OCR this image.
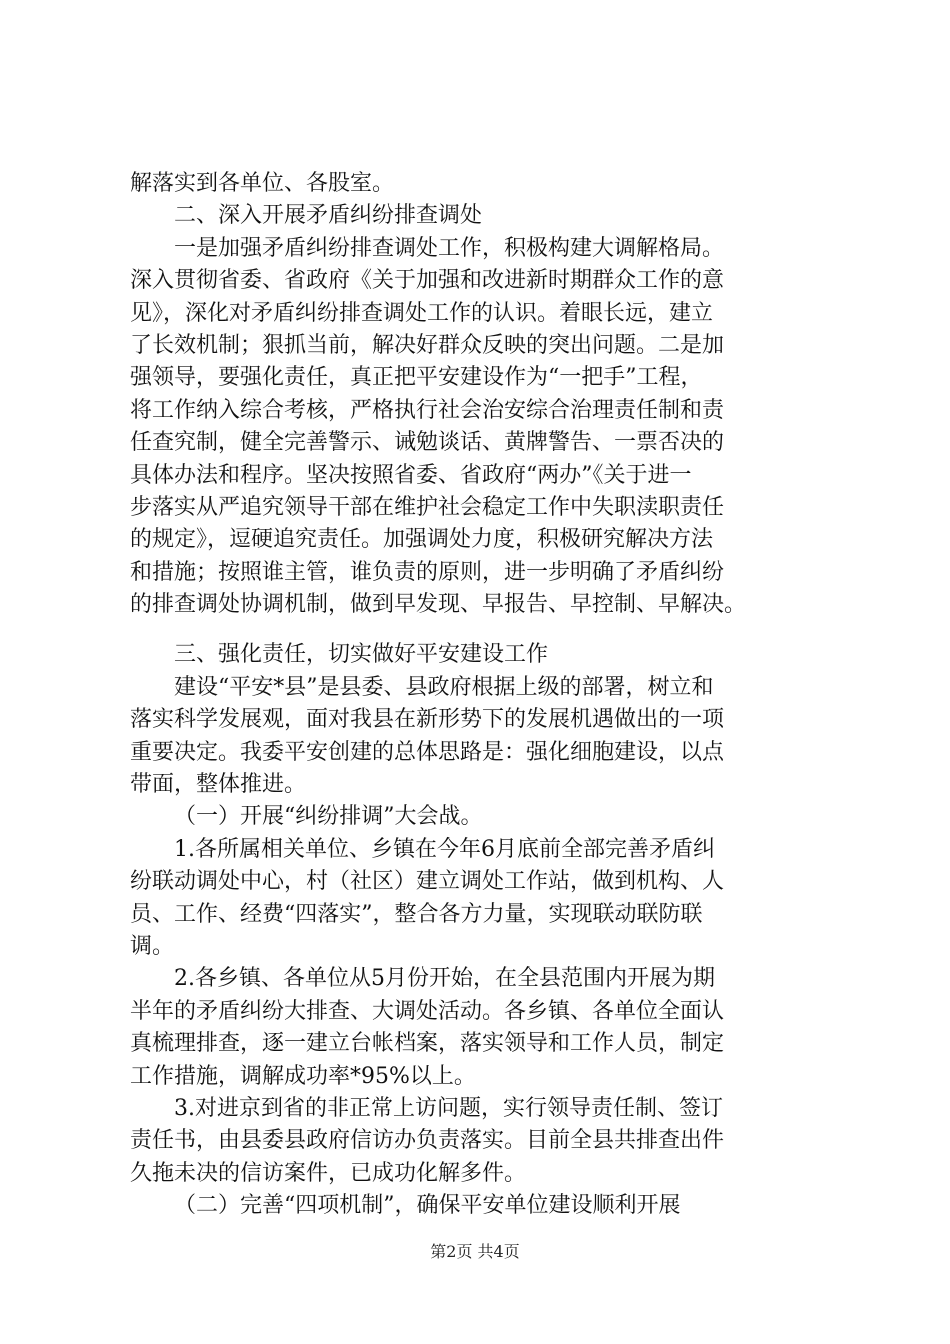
解落实到各单位、各股室。
二、深入开展矛盾纠纷排查调处
一是加强矛盾纠纷排查调处工作，积极构建大调解格局。
深入贯彻省委、省政府《关于加强和改进新时期群众工作的意
见》，深化对矛盾纠纷排查调处工作的认识。着眼长远，建立
了长效机制；狠抓当前，解决好群众反映的突出问题。二是加
强领导，要强化责任，真正把平安建设作为“一把手”工程，
将工作纳入综合考核，严格执行社会治安综合治理责任制和责
任查究制，健全完善警示、诫勉谈话、黄牌警告、一票否决的
具体办法和程序。坚决按照省委、省政府“两办”《关于进一
步落实从严追究领导干部在维护社会稳定工作中失职渎职责任
的规定》，逗硬追究责任。加强调处力度，积极研究解决方法
和措施；按照谁主管，谁负责的原则，进一步明确了矛盾纠纷
的排查调处协调机制，做到早发现、早报告、早控制、早解决。
三、强化责任，切实做好平安建设工作
建设“平安*县”是县委、县政府根据上级的部署，树立和
落实科学发展观，面对我县在新形势下的发展机遇做出的一项
重要决定。我委平安创建的总体思路是：强化细胞建设，以点
带面，整体推进。
（一）开展“纠纷排调”大会战。
1.各所属相关单位、乡镇在今年6月底前全部完善矛盾纠
纷联动调处中心，村（社区）建立调处工作站，做到机构、人
员、工作、经费“四落实”，整合各方力量，实现联动联防联
调。
2.各乡镇、各单位从5月份开始，在全县范围内开展为期
半年的矛盾纠纷大排查、大调处活动。各乡镇、各单位全面认
真梳理排查，逐一建立台帐档案，落实领导和工作人员，制定
工作措施，调解成功率*95%以上。
3.对进京到省的非正常上访问题，实行领导责任制、签订
责任书，由县委县政府信访办负责落实。目前全县共排查出件
久拖未决的信访案件，已成功化解多件。
（二）完善“四项机制”，确保平安单位建设顺利开展
第2页 共4页
